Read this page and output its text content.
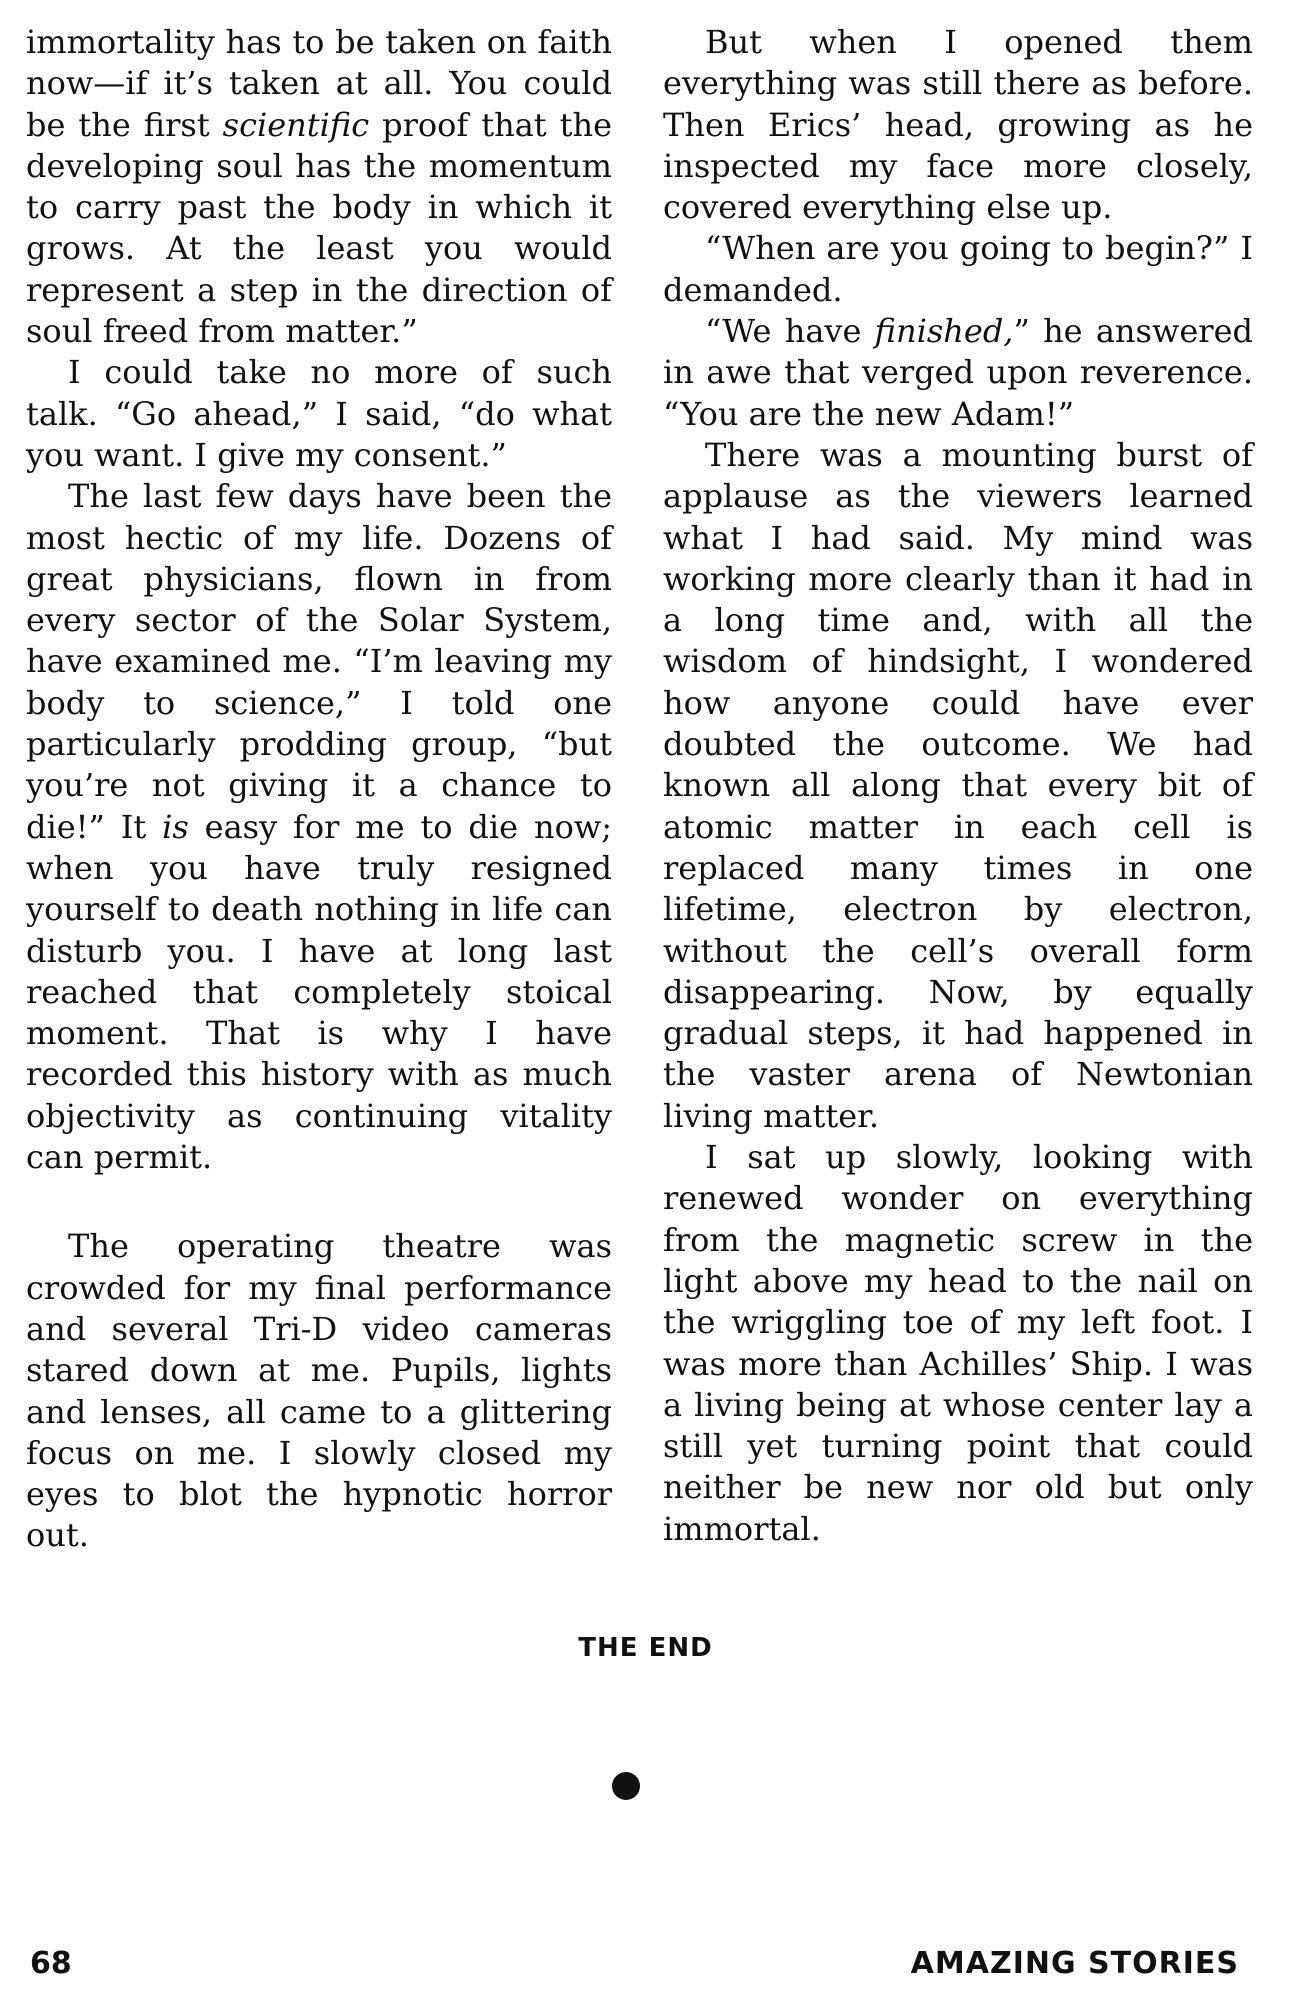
immortality has to be taken on faith now—if it’s taken at all. You could be the first scientific proof that the developing soul has the momentum to carry past the body in which it grows. At the least you would represent a step in the direction of soul freed from matter.”

I could take no more of such talk. “Go ahead,” I said, “do what you want. I give my consent.”

The last few days have been the most hectic of my life. Dozens of great physicians, flown in from every sector of the Solar System, have examined me. “I’m leaving my body to science,” I told one particularly prodding group, “but you’re not giving it a chance to die!” It is easy for me to die now; when you have truly resigned yourself to death nothing in life can disturb you. I have at long last reached that completely stoical moment. That is why I have recorded this history with as much objectivity as continuing vitality can permit.

The operating theatre was crowded for my final performance and several Tri-D video cameras stared down at me. Pupils, lights and lenses, all came to a glittering focus on me. I slowly closed my eyes to blot the hypnotic horror out.

But when I opened them everything was still there as before. Then Erics’ head, growing as he inspected my face more closely, covered everything else up.

“When are you going to begin?” I demanded.

“We have finished,” he answered in awe that verged upon reverence. “You are the new Adam!”

There was a mounting burst of applause as the viewers learned what I had said. My mind was working more clearly than it had in a long time and, with all the wisdom of hindsight, I wondered how anyone could have ever doubted the outcome. We had known all along that every bit of atomic matter in each cell is replaced many times in one lifetime, electron by electron, without the cell’s overall form disappearing. Now, by equally gradual steps, it had happened in the vaster arena of Newtonian living matter.

I sat up slowly, looking with renewed wonder on everything from the magnetic screw in the light above my head to the nail on the wriggling toe of my left foot. I was more than Achilles’ Ship. I was a living being at whose center lay a still yet turning point that could neither be new nor old but only immortal.

THE END
68	AMAZING STORIES
